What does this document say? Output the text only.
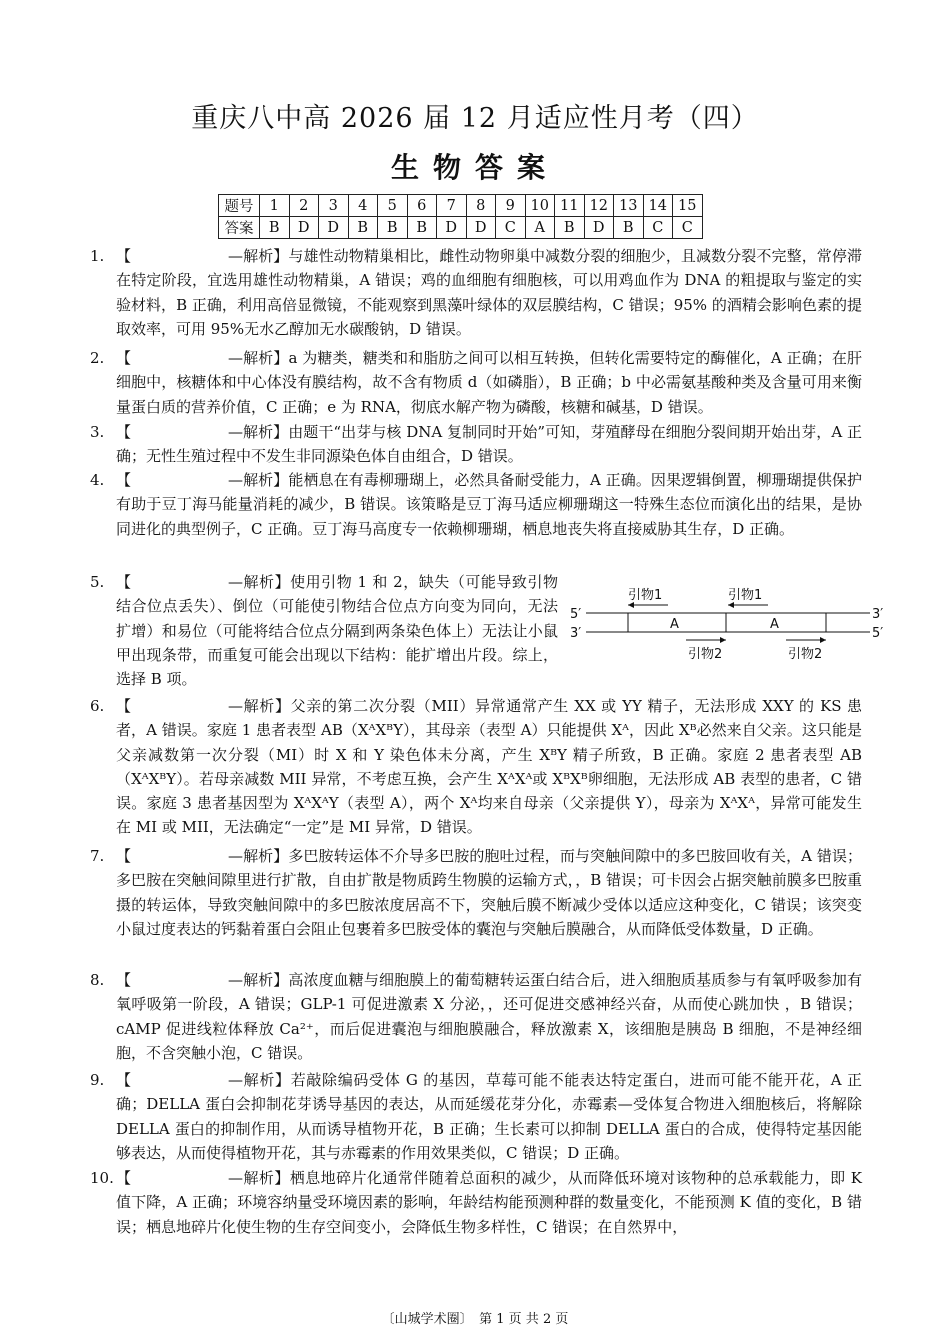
重庆八中高 2026 届 12 月适应性月考（四）
生物答案
题号	1	2	3	4	5	6	7	8	9	10	11	12	13	14	15
答案	B	D	D	B	B	B	D	D	C	A	B	D	B	C	C
1. 【	—解析】与雄性动物精巢相比，雌性动物卵巢中减数分裂的细胞少，且减数分裂不完整，常停滞在特定阶段，宜选用雄性动物精巢，A 错误；鸡的血细胞有细胞核，可以用鸡血作为 DNA 的粗提取与鉴定的实验材料，B 正确，利用高倍显微镜，不能观察到黑藻叶绿体的双层膜结构，C 错误；95% 的酒精会影响色素的提取效率，可用 95%无水乙醇加无水碳酸钠，D 错误。
2. 【	—解析】a 为糖类，糖类和和脂肪之间可以相互转换，但转化需要特定的酶催化，A 正确；在肝细胞中，核糖体和中心体没有膜结构，故不含有物质 d（如磷脂），B 正确；b 中必需氨基酸种类及含量可用来衡量蛋白质的营养价值，C 正确；e 为 RNA，彻底水解产物为磷酸，核糖和碱基，D 错误。
3. 【	—解析】由题干“出芽与核 DNA 复制同时开始”可知，芽殖酵母在细胞分裂间期开始出芽，A 正确；无性生殖过程中不发生非同源染色体自由组合，D 错误。
4. 【	—解析】能栖息在有毒柳珊瑚上，必然具备耐受能力，A 正确。因果逻辑倒置，柳珊瑚提供保护有助于豆丁海马能量消耗的减少，B 错误。该策略是豆丁海马适应柳珊瑚这一特殊生态位而演化出的结果，是协同进化的典型例子，C 正确。豆丁海马高度专一依赖柳珊瑚，栖息地丧失将直接威胁其生存，D 正确。
5. 【	—解析】使用引物 1 和 2，缺失（可能导致引物结合位点丢失）、倒位（可能使引物结合位点方向变为同向，无法扩增）和易位（可能将结合位点分隔到两条染色体上）无法让小鼠甲出现条带，而重复可能会出现以下结构：能扩增出片段。综上，选择 B 项。
5′	3′
3′	5′
A	A
引物1	引物1
引物2	引物2
6. 【	—解析】父亲的第二次分裂（MII）异常通常产生 XX 或 YY 精子，无法形成 XXY 的 KS 患者，A 错误。家庭 1 患者表型 AB（XᴬXᴮY），其母亲（表型 A）只能提供 Xᴬ，因此 Xᴮ必然来自父亲。这只能是父亲减数第一次分裂（MI）时 X 和 Y 染色体未分离，产生 XᴮY 精子所致，B 正确。家庭 2 患者表型 AB（XᴬXᴮY）。若母亲减数 MII 异常，不考虑互换，会产生 XᴬXᴬ或 XᴮXᴮ卵细胞，无法形成 AB 表型的患者，C 错误。家庭 3 患者基因型为 XᴬXᴬY（表型 A），两个 Xᴬ均来自母亲（父亲提供 Y），母亲为 XᴬXᴬ，异常可能发生在 MI 或 MII，无法确定“一定”是 MI 异常，D 错误。
7. 【	—解析】多巴胺转运体不介导多巴胺的胞吐过程，而与突触间隙中的多巴胺回收有关，A 错误；多巴胺在突触间隙里进行扩散，自由扩散是物质跨生物膜的运输方式，，B 错误；可卡因会占据突触前膜多巴胺重摄的转运体，导致突触间隙中的多巴胺浓度居高不下，突触后膜不断减少受体以适应这种变化，C 错误；该突变小鼠过度表达的钙黏着蛋白会阻止包裹着多巴胺受体的囊泡与突触后膜融合，从而降低受体数量，D 正确。
8. 【	—解析】高浓度血糖与细胞膜上的葡萄糖转运蛋白结合后，进入细胞质基质参与有氧呼吸参加有氧呼吸第一阶段，A 错误；GLP-1 可促进激素 X 分泌，，还可促进交感神经兴奋，从而使心跳加快 ，B 错误；cAMP 促进线粒体释放 Ca²⁺，而后促进囊泡与细胞膜融合，释放激素 X，该细胞是胰岛 B 细胞，不是神经细胞，不含突触小泡，C 错误。
9. 【	—解析】若敲除编码受体 G 的基因，草莓可能不能表达特定蛋白，进而可能不能开花，A 正确；DELLA 蛋白会抑制花芽诱导基因的表达，从而延缓花芽分化，赤霉素—受体复合物进入细胞核后，将解除 DELLA 蛋白的抑制作用，从而诱导植物开花，B 正确；生长素可以抑制 DELLA 蛋白的合成，使得特定基因能够表达，从而使得植物开花，其与赤霉素的作用效果类似，C 错误；D 正确。
10. 【	—解析】栖息地碎片化通常伴随着总面积的减少，从而降低环境对该物种的总承载能力，即 K 值下降，A 正确；环境容纳量受环境因素的影响，年龄结构能预测种群的数量变化，不能预测 K 值的变化，B 错误；栖息地碎片化使生物的生存空间变小，会降低生物多样性，C 错误；在自然界中，
〔山城学术圈〕　第 1 页 共 2 页
